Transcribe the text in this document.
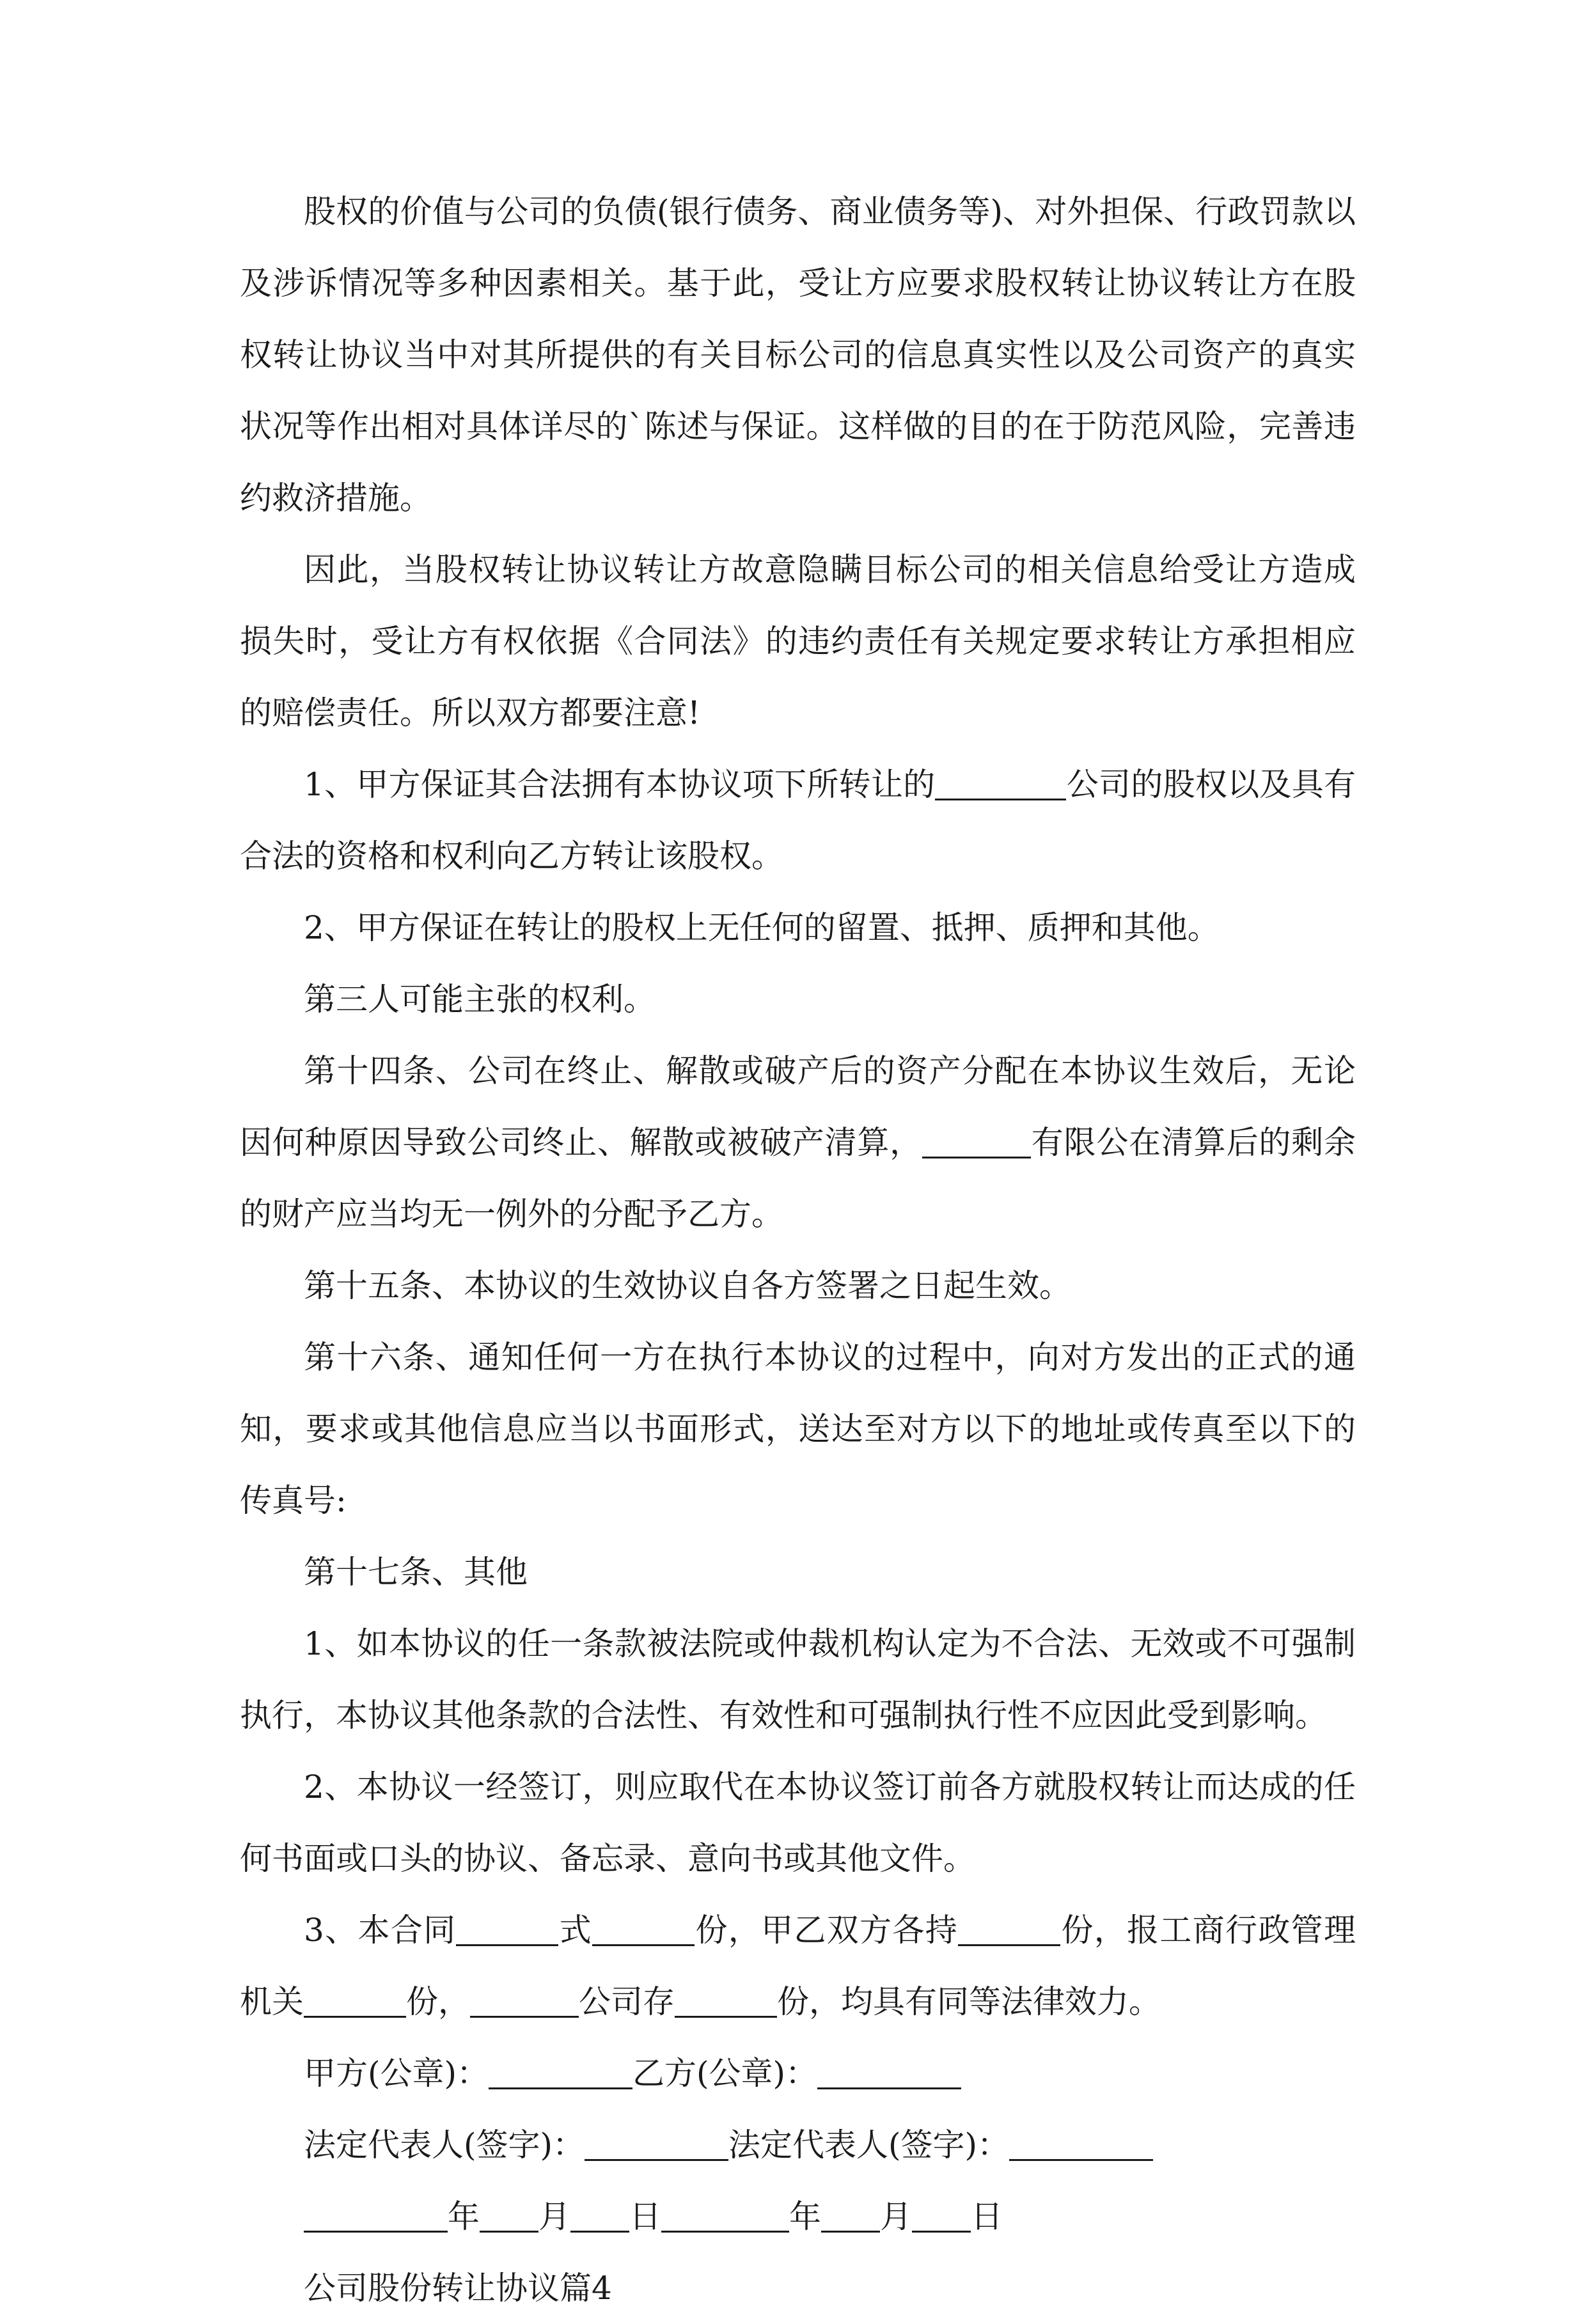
股权的价值与公司的负债(银行债务、商业债务等)、对外担保、行政罚款以及涉诉情况等多种因素相关。基于此，受让方应要求股权转让协议转让方在股权转让协议当中对其所提供的有关目标公司的信息真实性以及公司资产的真实状况等作出相对具体详尽的`陈述与保证。这样做的目的在于防范风险，完善违约救济措施。

因此，当股权转让协议转让方故意隐瞒目标公司的相关信息给受让方造成损失时，受让方有权依据《合同法》的违约责任有关规定要求转让方承担相应的赔偿责任。所以双方都要注意!

1、甲方保证其合法拥有本协议项下所转让的	公司的股权以及具有合法的资格和权利向乙方转让该股权。

2、甲方保证在转让的股权上无任何的留置、抵押、质押和其他。

第三人可能主张的权利。

第十四条、公司在终止、解散或破产后的资产分配在本协议生效后，无论因何种原因导致公司终止、解散或被破产清算，	有限公在清算后的剩余的财产应当均无一例外的分配予乙方。

第十五条、本协议的生效协议自各方签署之日起生效。

第十六条、通知任何一方在执行本协议的过程中，向对方发出的正式的通知，要求或其他信息应当以书面形式，送达至对方以下的地址或传真至以下的传真号:

第十七条、其他

1、如本协议的任一条款被法院或仲裁机构认定为不合法、无效或不可强制执行，本协议其他条款的合法性、有效性和可强制执行性不应因此受到影响。

2、本协议一经签订，则应取代在本协议签订前各方就股权转让而达成的任何书面或口头的协议、备忘录、意向书或其他文件。

3、本合同	式	份，甲乙双方各持	份，报工商行政管理机关	份，	公司存	份，均具有同等法律效力。

甲方(公章)：	乙方(公章)：

法定代表人(签字)：	法定代表人(签字)：

年 月 日	年 月 日

公司股份转让协议篇4
